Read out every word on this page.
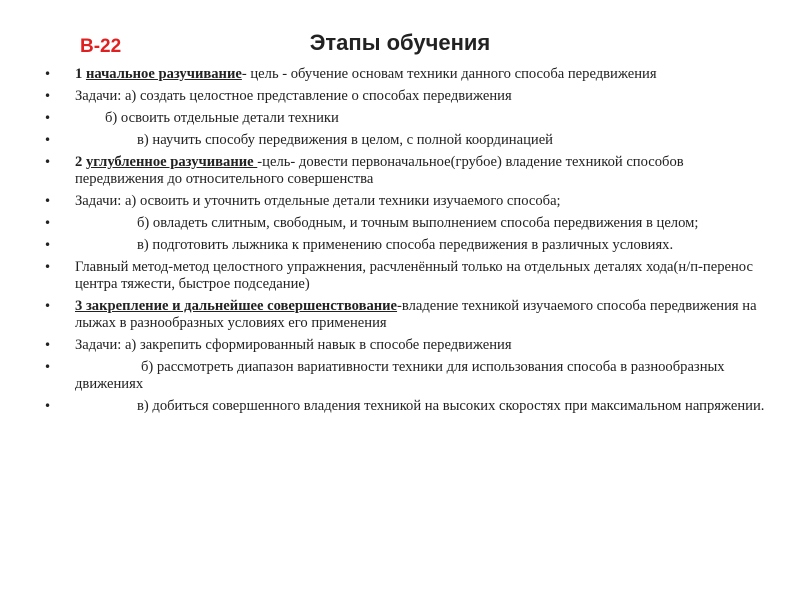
В-22	Этапы обучения
• 1 начальное разучивание- цель - обучение основам техники данного способа передвижения
• Задачи: а) создать целостное представление о способах передвижения
•	б) освоить отдельные детали техники
•	в) научить способу передвижения в целом, с полной координацией
• 2 углубленное разучивание -цель- довести первоначальное(грубое) владение техникой способов передвижения до относительного совершенства
• Задачи: а) освоить и уточнить отдельные детали техники изучаемого способа;
•	б) овладеть слитным, свободным, и точным выполнением способа передвижения в целом;
•	в) подготовить лыжника к применению способа передвижения в различных условиях.
• Главный метод-метод целостного упражнения, расчленённый только на отдельных деталях хода(н/п-перенос центра тяжести, быстрое подседание)
• 3 закрепление и дальнейшее совершенствование-владение техникой изучаемого способа передвижения на лыжах в разнообразных условиях его применения
• Задачи: а) закрепить сформированный навык в способе передвижения
•	б) рассмотреть диапазон вариативности техники для использования способа в разнообразных движениях
•	в) добиться совершенного владения техникой на высоких скоростях при максимальном напряжении.
